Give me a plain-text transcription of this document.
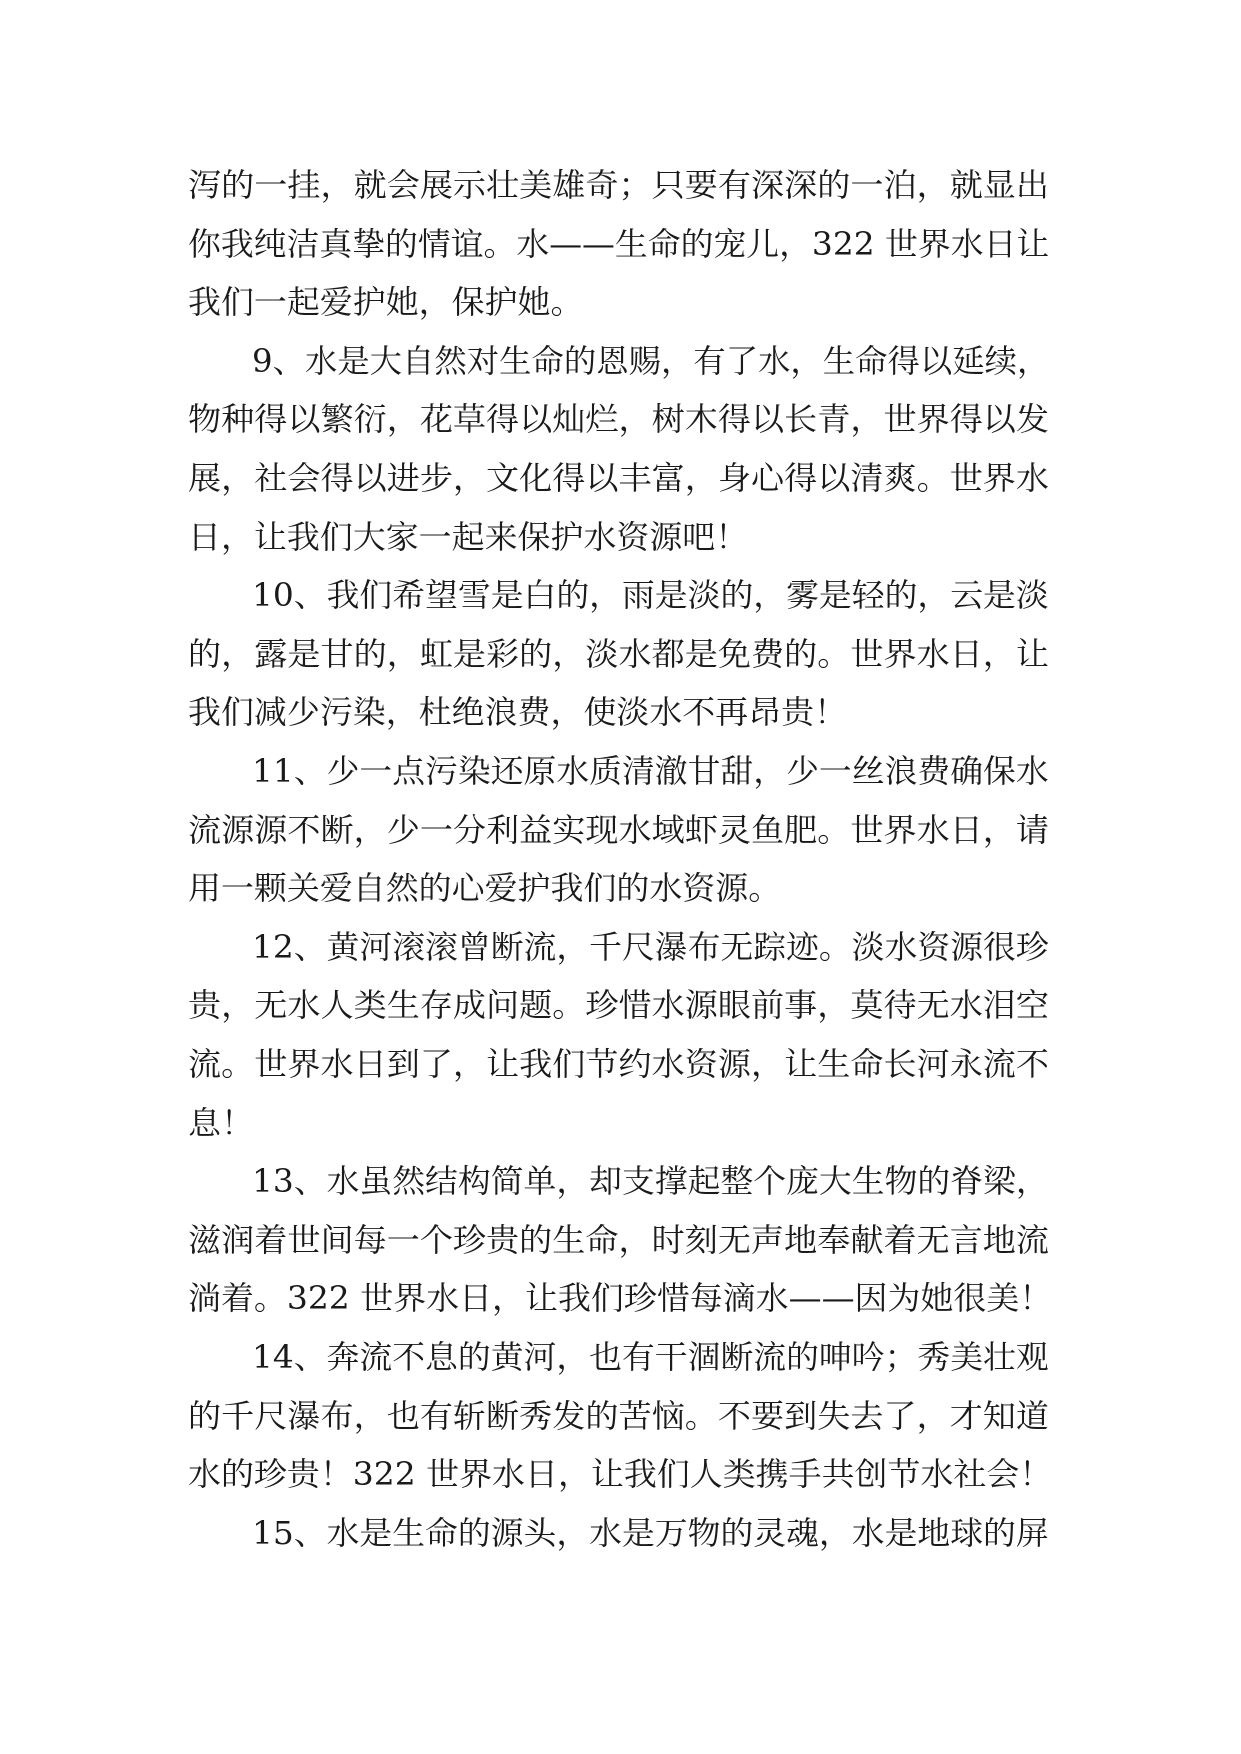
泻的一挂，就会展示壮美雄奇；只要有深深的一泊，就显出
你我纯洁真挚的情谊。水——生命的宠儿，322 世界水日让
我们一起爱护她，保护她。
9、水是大自然对生命的恩赐，有了水，生命得以延续，
物种得以繁衍，花草得以灿烂，树木得以长青，世界得以发
展，社会得以进步，文化得以丰富，身心得以清爽。世界水
日，让我们大家一起来保护水资源吧！
10、我们希望雪是白的，雨是淡的，雾是轻的，云是淡
的，露是甘的，虹是彩的，淡水都是免费的。世界水日，让
我们减少污染，杜绝浪费，使淡水不再昂贵！
11、少一点污染还原水质清澈甘甜，少一丝浪费确保水
流源源不断，少一分利益实现水域虾灵鱼肥。世界水日，请
用一颗关爱自然的心爱护我们的水资源。
12、黄河滚滚曾断流，千尺瀑布无踪迹。淡水资源很珍
贵，无水人类生存成问题。珍惜水源眼前事，莫待无水泪空
流。世界水日到了，让我们节约水资源，让生命长河永流不
息！
13、水虽然结构简单，却支撑起整个庞大生物的脊梁，
滋润着世间每一个珍贵的生命，时刻无声地奉献着无言地流
淌着。322 世界水日，让我们珍惜每滴水——因为她很美！
14、奔流不息的黄河，也有干涸断流的呻吟；秀美壮观
的千尺瀑布，也有斩断秀发的苦恼。不要到失去了，才知道
水的珍贵！322 世界水日，让我们人类携手共创节水社会！
15、水是生命的源头，水是万物的灵魂，水是地球的屏
